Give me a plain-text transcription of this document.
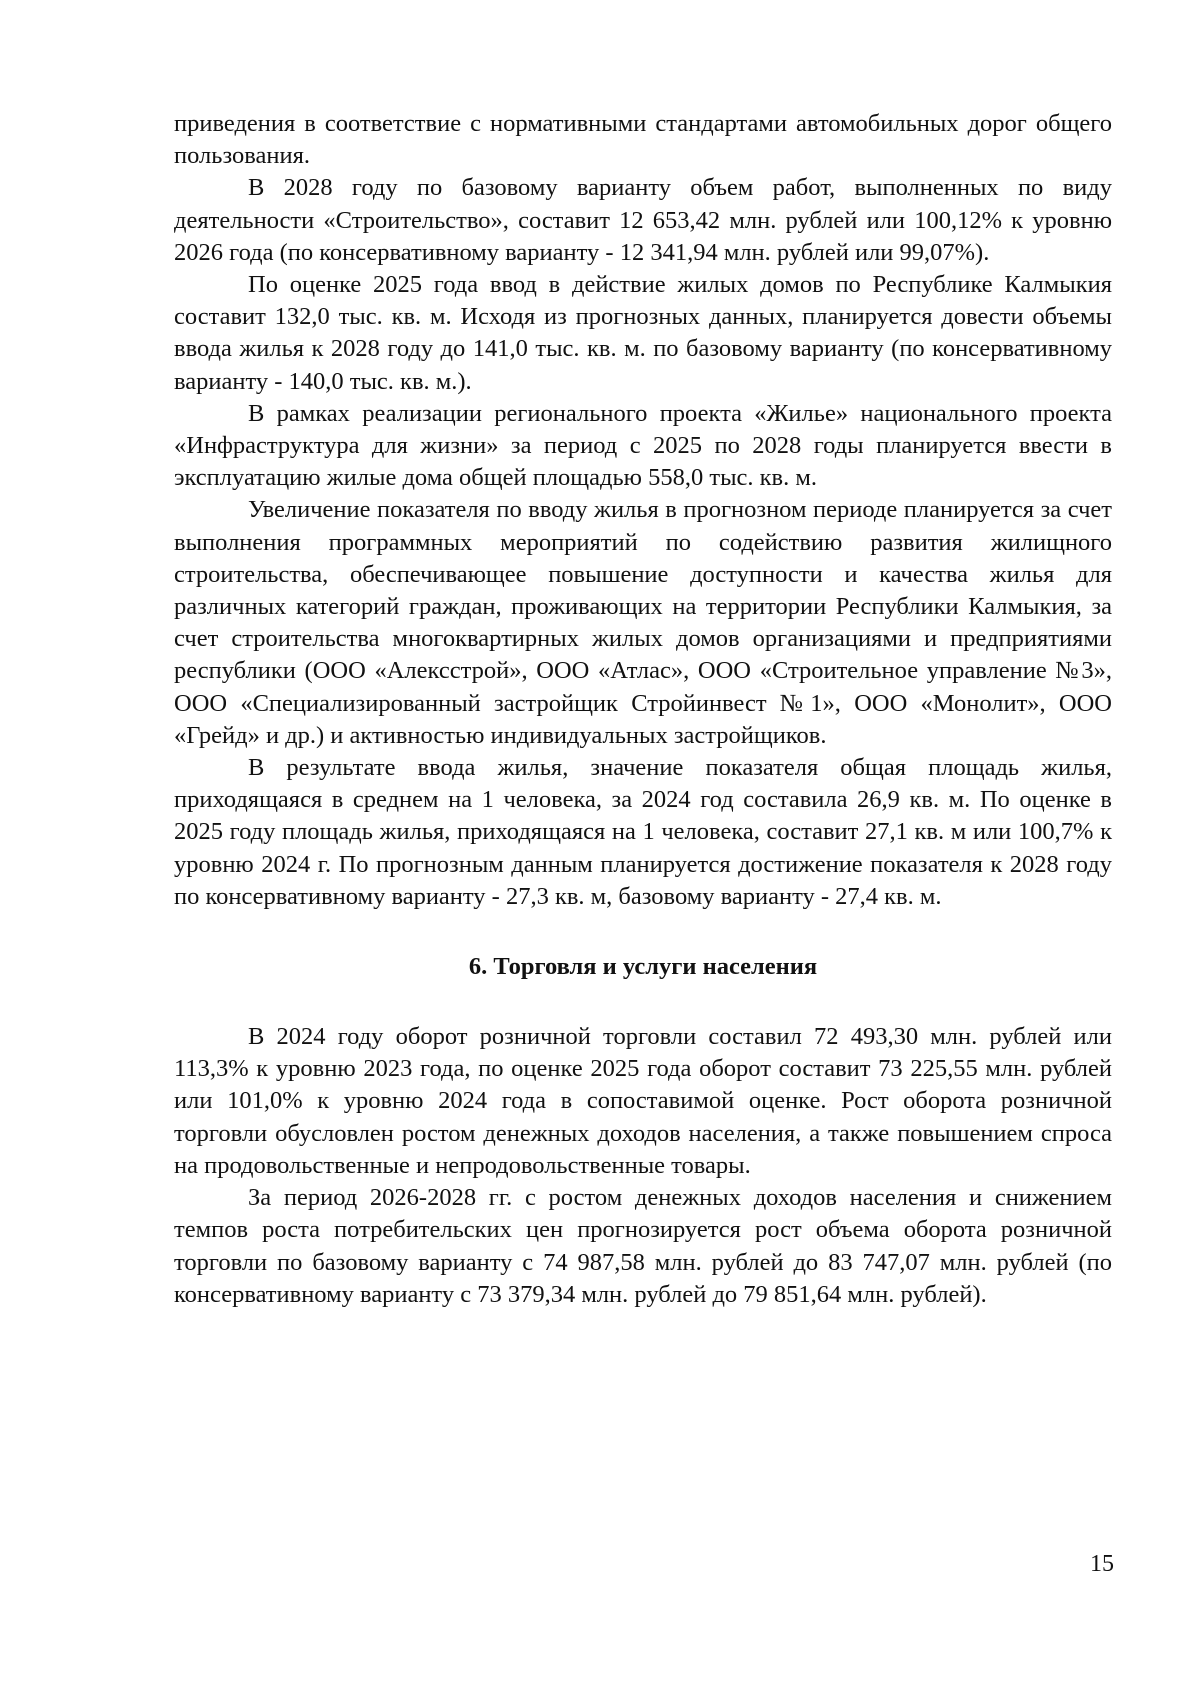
приведения в соответствие с нормативными стандартами автомобильных дорог общего пользования.

В 2028 году по базовому варианту объем работ, выполненных по виду деятельности «Строительство», составит 12 653,42 млн. рублей или 100,12% к уровню 2026 года (по консервативному варианту - 12 341,94 млн. рублей или 99,07%).

По оценке 2025 года ввод в действие жилых домов по Республике Калмыкия составит 132,0 тыс. кв. м. Исходя из прогнозных данных, планируется довести объемы ввода жилья к 2028 году до 141,0 тыс. кв. м. по базовому варианту (по консервативному варианту - 140,0 тыс. кв. м.).

В рамках реализации регионального проекта «Жилье» национального проекта «Инфраструктура для жизни» за период с 2025 по 2028 годы планируется ввести в эксплуатацию жилые дома общей площадью 558,0 тыс. кв. м.

Увеличение показателя по вводу жилья в прогнозном периоде планируется за счет выполнения программных мероприятий по содействию развития жилищного строительства, обеспечивающее повышение доступности и качества жилья для различных категорий граждан, проживающих на территории Республики Калмыкия, за счет строительства многоквартирных жилых домов организациями и предприятиями республики (ООО «Алексстрой», ООО «Атлас», ООО «Строительное управление №3», ООО «Специализированный застройщик Стройинвест №1», ООО «Монолит», ООО «Грейд» и др.) и активностью индивидуальных застройщиков.

В результате ввода жилья, значение показателя общая площадь жилья, приходящаяся в среднем на 1 человека, за 2024 год составила 26,9 кв. м. По оценке в 2025 году площадь жилья, приходящаяся на 1 человека, составит 27,1 кв. м или 100,7% к уровню 2024 г. По прогнозным данным планируется достижение показателя к 2028 году по консервативному варианту - 27,3 кв. м, базовому варианту - 27,4 кв. м.

6. Торговля и услуги населения

В 2024 году оборот розничной торговли составил 72 493,30 млн. рублей или 113,3% к уровню 2023 года, по оценке 2025 года оборот составит 73 225,55 млн. рублей или 101,0% к уровню 2024 года в сопоставимой оценке. Рост оборота розничной торговли обусловлен ростом денежных доходов населения, а также повышением спроса на продовольственные и непродовольственные товары.

За период 2026-2028 гг. с ростом денежных доходов населения и снижением темпов роста потребительских цен прогнозируется рост объема оборота розничной торговли по базовому варианту с 74 987,58 млн. рублей до 83 747,07 млн. рублей (по консервативному варианту с 73 379,34 млн. рублей до 79 851,64 млн. рублей).

15
